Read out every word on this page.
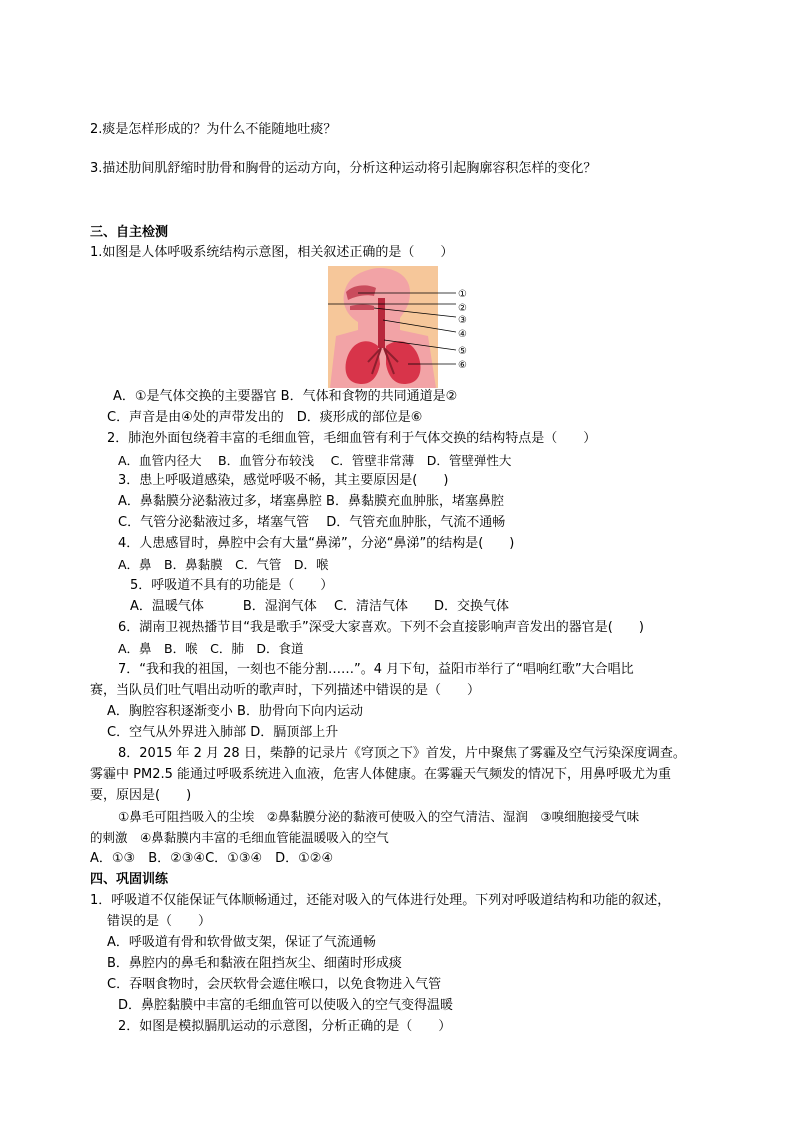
2.痰是怎样形成的？为什么不能随地吐痰？
3.描述肋间肌舒缩时肋骨和胸骨的运动方向，分析这种运动将引起胸廓容积怎样的变化？
三、自主检测
1.如图是人体呼吸系统结构示意图，相关叙述正确的是（　　）
①
②
③
④
⑤
⑥
A．①是气体交换的主要器官 B．气体和食物的共同通道是②
C．声音是由④处的声带发出的　D．痰形成的部位是⑥
2．肺泡外面包绕着丰富的毛细血管，毛细血管有利于气体交换的结构特点是（　　）
A．血管内径大　 B．血管分布较浅　 C．管壁非常薄　D．管壁弹性大
3．患上呼吸道感染，感觉呼吸不畅，其主要原因是(　　)
A．鼻黏膜分泌黏液过多，堵塞鼻腔 B．鼻黏膜充血肿胀，堵塞鼻腔
C．气管分泌黏液过多，堵塞气管　 D．气管充血肿胀，气流不通畅
4．人患感冒时，鼻腔中会有大量“鼻涕”，分泌“鼻涕”的结构是(　　)
A．鼻　B．鼻黏膜　C．气管　D．喉
5．呼吸道不具有的功能是（　　）
A．温暖气体　　　B．湿润气体　 C．清洁气体　　D．交换气体
6．湖南卫视热播节目“我是歌手”深受大家喜欢。下列不会直接影响声音发出的器官是(　　)
A．鼻　B．喉　C．肺　D．食道
7．“我和我的祖国，一刻也不能分割……”。4 月下旬，益阳市举行了“唱响红歌”大合唱比
赛，当队员们吐气唱出动听的歌声时，下列描述中错误的是（　　）
A．胸腔容积逐渐变小 B．肋骨向下向内运动
C．空气从外界进入肺部 D．膈顶部上升
8．2015 年 2 月 28 日，柴静的记录片《穹顶之下》首发，片中聚焦了雾霾及空气污染深度调查。
雾霾中 PM2.5 能通过呼吸系统进入血液，危害人体健康。在雾霾天气频发的情况下，用鼻呼吸尤为重
要，原因是(　　)
①鼻毛可阻挡吸入的尘埃　②鼻黏膜分泌的黏液可使吸入的空气清洁、湿润　③嗅细胞接受气味
的刺激　④鼻黏膜内丰富的毛细血管能温暖吸入的空气
A．①③　B．②③④C．①③④　D．①②④
四、巩固训练
1．呼吸道不仅能保证气体顺畅通过，还能对吸入的气体进行处理。下列对呼吸道结构和功能的叙述，
错误的是（　　）
A．呼吸道有骨和软骨做支架，保证了气流通畅
B．鼻腔内的鼻毛和黏液在阻挡灰尘、细菌时形成痰
C．吞咽食物时，会厌软骨会遮住喉口，以免食物进入气管
D．鼻腔黏膜中丰富的毛细血管可以使吸入的空气变得温暖
2．如图是模拟膈肌运动的示意图，分析正确的是（　　）
